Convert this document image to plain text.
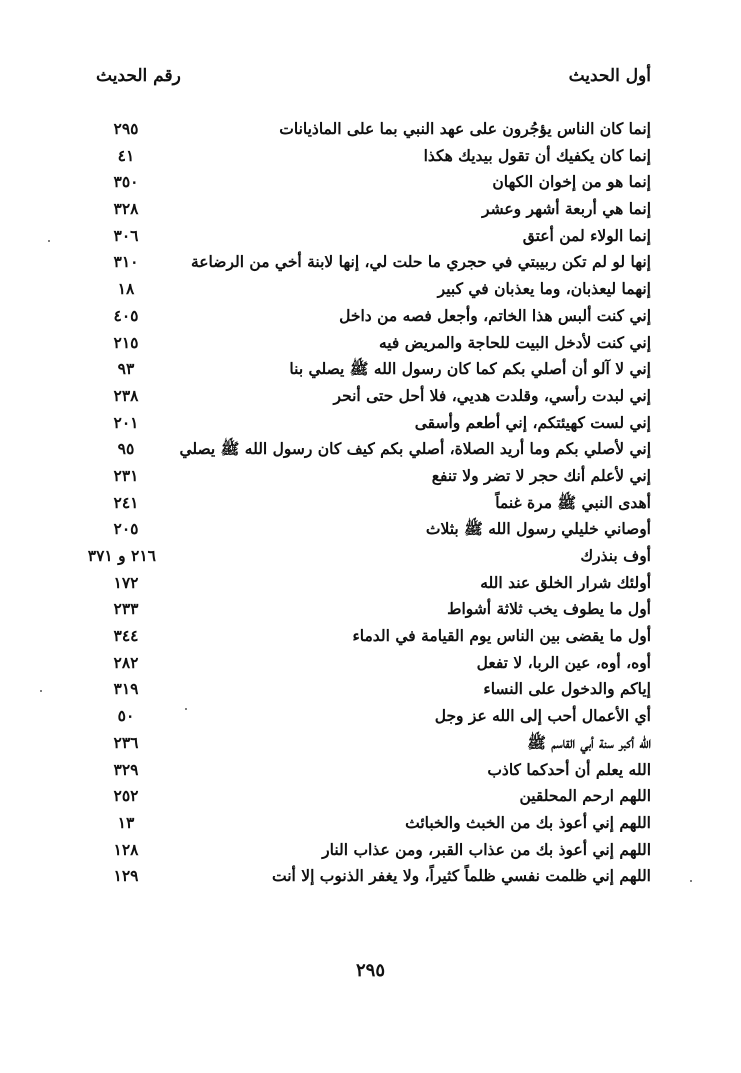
أول الحديث
رقم الحديث
إنما كان الناس يؤجُرون على عهد النبي بما على الماذيانات
٢٩٥
إنما كان يكفيك أن تقول بيديك هكذا
٤١
إنما هو من إخوان الكهان
٣٥٠
إنما هي أربعة أشهر وعشر
٣٢٨
إنما الولاء لمن أعتق
٣٠٦
إنها لو لم تكن ربيبتي في حجري ما حلت لي، إنها لابنة أخي من الرضاعة
٣١٠
إنهما ليعذبان، وما يعذبان في كبير
١٨
إني كنت ألبس هذا الخاتم، وأجعل فصه من داخل
٤٠٥
إني كنت لأدخل البيت للحاجة والمريض فيه
٢١٥
إني لا آلو أن أصلي بكم كما كان رسول الله ﷺ يصلي بنا
٩٣
إني لبدت رأسي، وقلدت هديي، فلا أحل حتى أنحر
٢٣٨
إني لست كهيئتكم، إني أطعم وأسقى
٢٠١
إني لأصلي بكم وما أريد الصلاة، أصلي بكم كيف كان رسول الله ﷺ يصلي
٩٥
إني لأعلم أنك حجر لا تضر ولا تنفع
٢٣١
أهدى النبي ﷺ مرة غنماً
٢٤١
أوصاني خليلي رسول الله ﷺ بثلاث
٢٠٥
أوف بنذرك
٢١٦ و ٣٧١
أولئك شرار الخلق عند الله
١٧٢
أول ما يطوف يخب ثلاثة أشواط
٢٣٣
أول ما يقضى بين الناس يوم القيامة في الدماء
٣٤٤
أوه، أوه، عين الربا، لا تفعل
٢٨٢
إياكم والدخول على النساء
٣١٩
أي الأعمال أحب إلى الله عز وجل
٥٠
الله أكبر سنة أبي القاسم ﷺ
٢٣٦
الله يعلم أن أحدكما كاذب
٣٢٩
اللهم ارحم المحلقين
٢٥٢
اللهم إني أعوذ بك من الخبث والخبائث
١٣
اللهم إني أعوذ بك من عذاب القبر، ومن عذاب النار
١٢٨
اللهم إني ظلمت نفسي ظلماً كثيراً، ولا يغفر الذنوب إلا أنت
١٢٩
٢٩٥
